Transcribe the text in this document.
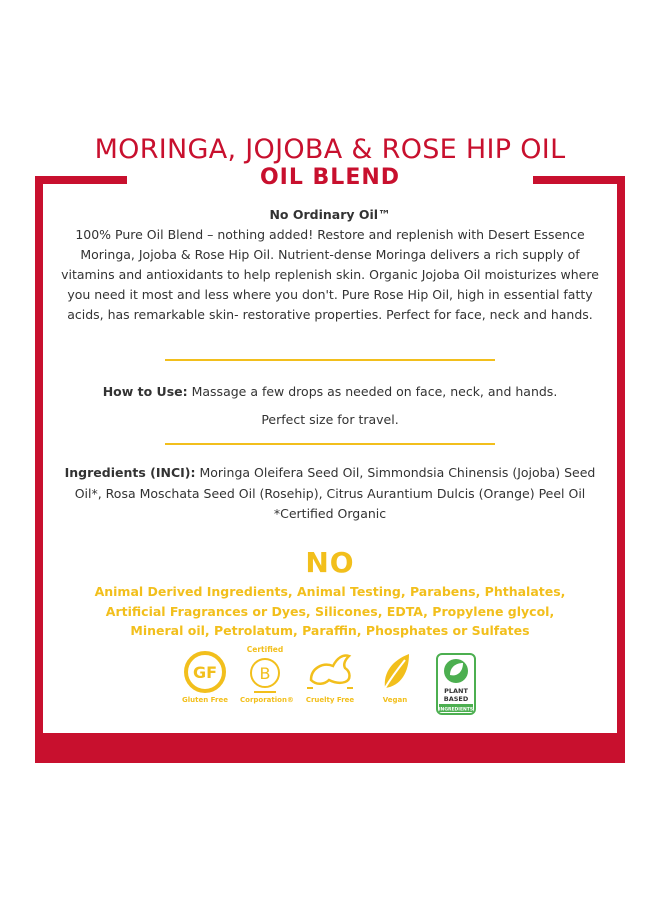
MORINGA, JOJOBA & ROSE HIP OIL
OIL BLEND
No Ordinary Oil™
100% Pure Oil Blend – nothing added! Restore and replenish with Desert Essence Moringa, Jojoba & Rose Hip Oil. Nutrient-dense Moringa delivers a rich supply of vitamins and antioxidants to help replenish skin. Organic Jojoba Oil moisturizes where you need it most and less where you don't. Pure Rose Hip Oil, high in essential fatty acids, has remarkable skin- restorative properties. Perfect for face, neck and hands.
How to Use: Massage a few drops as needed on face, neck, and hands.
Perfect size for travel.
Ingredients (INCI): Moringa Oleifera Seed Oil, Simmondsia Chinensis (Jojoba) Seed Oil*, Rosa Moschata Seed Oil (Rosehip), Citrus Aurantium Dulcis (Orange) Peel Oil
*Certified Organic
NO
Animal Derived Ingredients, Animal Testing, Parabens, Phthalates, Artificial Fragrances or Dyes, Silicones, EDTA, Propylene glycol, Mineral oil, Petrolatum, Paraffin, Phosphates or Sulfates
GF
Gluten Free
Certified
B
Corporation®	Cruelty Free	Vegan
PLANT
BASED
INGREDIENTS
